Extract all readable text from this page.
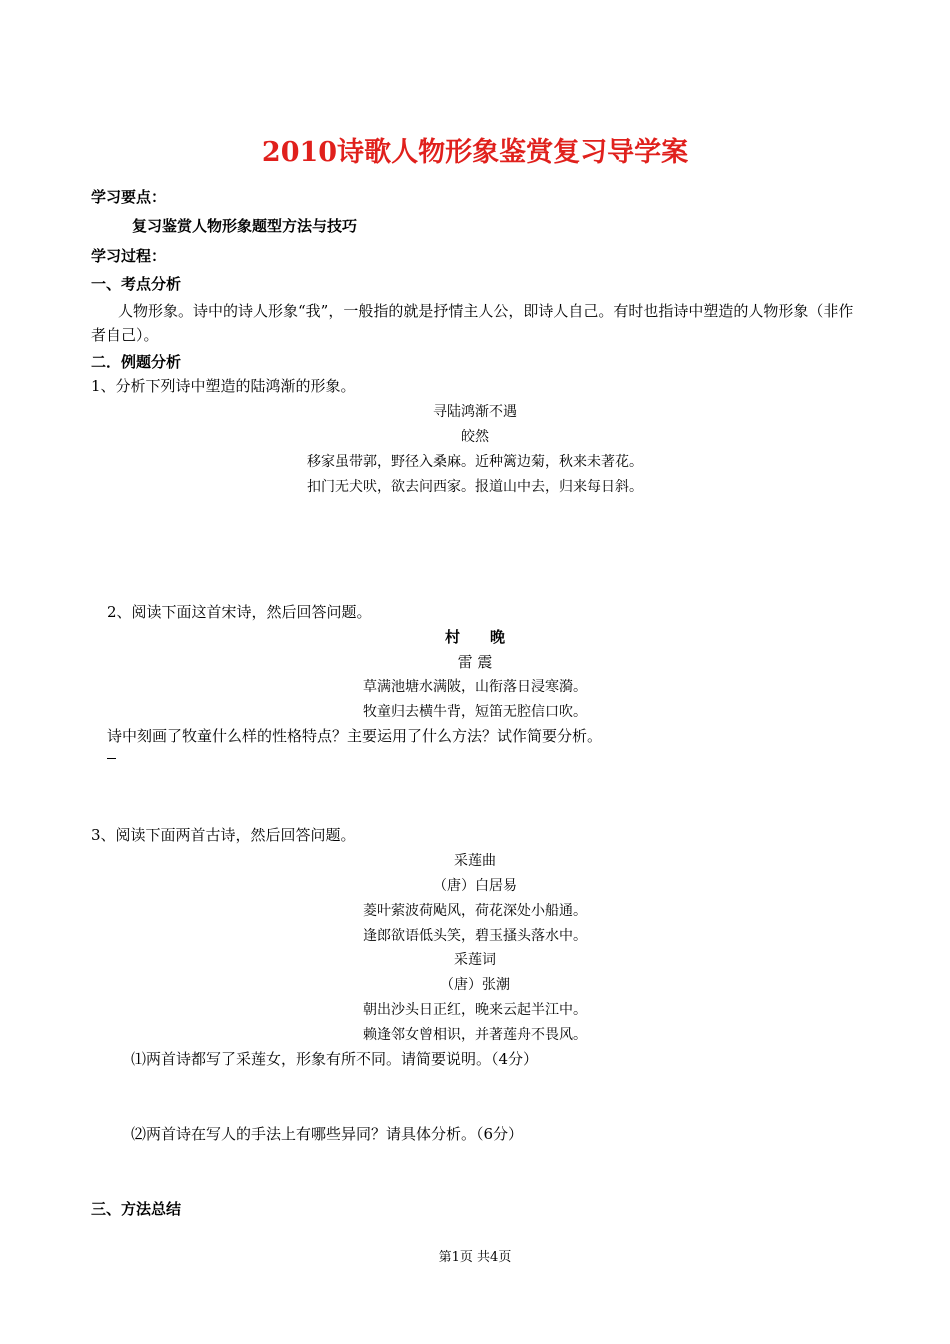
2010诗歌人物形象鉴赏复习导学案
学习要点：
复习鉴赏人物形象题型方法与技巧
学习过程：
一、考点分析
人物形象。诗中的诗人形象“我”，一般指的就是抒情主人公，即诗人自己。有时也指诗中塑造的人物形象（非作者自己）。
二．例题分析
1、分析下列诗中塑造的陆鸿渐的形象。
寻陆鸿渐不遇
皎然
移家虽带郭，野径入桑麻。近种篱边菊，秋来未著花。
扣门无犬吠，欲去问西家。报道山中去，归来每日斜。
2、阅读下面这首宋诗，然后回答问题。
村　　晚
雷 震
草满池塘水满陂，山衔落日浸寒漪。
牧童归去横牛背，短笛无腔信口吹。
诗中刻画了牧童什么样的性格特点？主要运用了什么方法？试作简要分析。
3、阅读下面两首古诗，然后回答问题。
采莲曲
（唐）白居易
菱叶萦波荷飐风，荷花深处小船通。
逢郎欲语低头笑，碧玉搔头落水中。
采莲词
（唐）张潮
朝出沙头日正红，晚来云起半江中。
赖逢邻女曾相识，并著莲舟不畏风。
⑴两首诗都写了采莲女，形象有所不同。请简要说明。（4分）
⑵两首诗在写人的手法上有哪些异同？请具体分析。（6分）
三、方法总结
第1页 共4页
